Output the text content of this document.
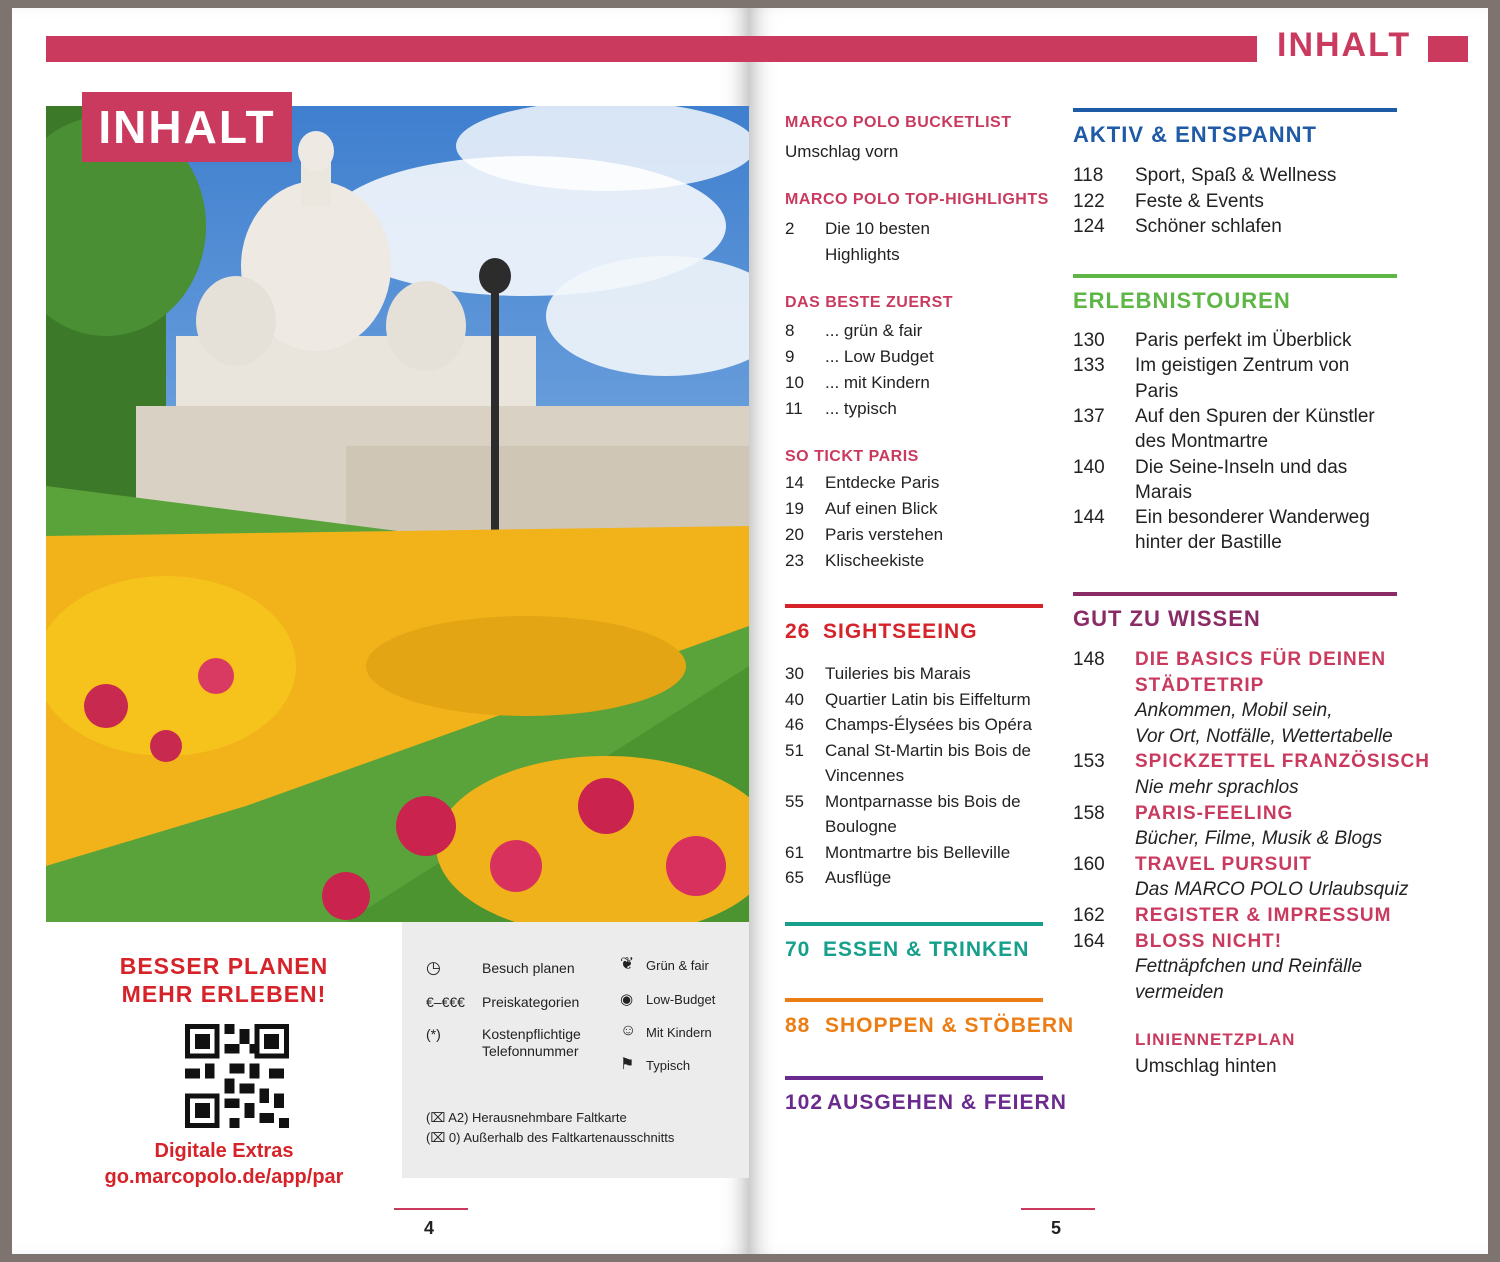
INHALT
BESSER PLANEN
MEHR ERLEBEN!
Digitale Extras
go.marcopolo.de/app/par
◷	Besuch planen
€–€€€ Preiskategorien
(*)	Kostenpflichtige Telefonnummer
❦ Grün & fair
◉ Low-Budget
☺ Mit Kindern
⚑ Typisch
(⌧ A2) Herausnehmbare Faltkarte
(⌧ 0) Außerhalb des Faltkartenausschnitts
4
INHALT
MARCO POLO BUCKETLIST
Umschlag vorn
MARCO POLO TOP-HIGHLIGHTS
2 Die 10 besten
Highlights
DAS BESTE ZUERST
8 ... grün & fair
9 ... Low Budget
10 ... mit Kindern
11 ... typisch
SO TICKT PARIS
14 Entdecke Paris
19 Auf einen Blick
20 Paris verstehen
23 Klischeekiste
26 SIGHTSEEING
30 Tuileries bis Marais
40 Quartier Latin bis Eiffelturm
46 Champs-Élysées bis Opéra
51 Canal St-Martin bis Bois de
Vincennes
55 Montparnasse bis Bois de
Boulogne
61 Montmartre bis Belleville
65 Ausflüge
70 ESSEN & TRINKEN
88 SHOPPEN & STÖBERN
102 AUSGEHEN & FEIERN
AKTIV & ENTSPANNT
118 Sport, Spaß & Wellness
122 Feste & Events
124 Schöner schlafen
ERLEBNISTOUREN
130 Paris perfekt im Überblick
133 Im geistigen Zentrum von
Paris
137 Auf den Spuren der Künstler
des Montmartre
140 Die Seine-Inseln und das
Marais
144 Ein besonderer Wanderweg
hinter der Bastille
GUT ZU WISSEN
148 DIE BASICS FÜR DEINEN
STÄDTETRIP
Ankommen, Mobil sein,
Vor Ort, Notfälle, Wettertabelle
153 SPICKZETTEL FRANZÖSISCH
Nie mehr sprachlos
158 PARIS-FEELING
Bücher, Filme, Musik & Blogs
160 TRAVEL PURSUIT
Das MARCO POLO Urlaubsquiz
162 REGISTER & IMPRESSUM
164 BLOSS NICHT!
Fettnäpfchen und Reinfälle
vermeiden
LINIENNETZPLAN
Umschlag hinten
5
